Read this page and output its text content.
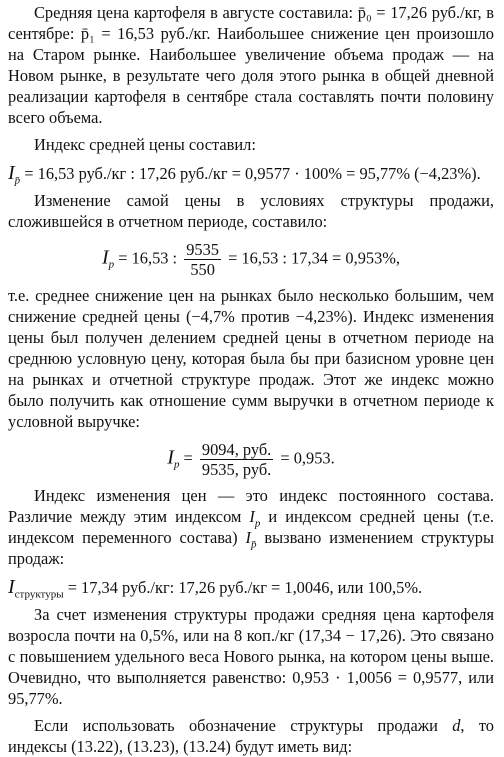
Средняя цена картофеля в августе составила: p̄₀ = 17,26 руб./кг, в сентябре: p̄₁ = 16,53 руб./кг. Наибольшее снижение цен произошло на Старом рынке. Наибольшее увеличение объема продаж — на Новом рынке, в результате чего доля этого рынка в общей дневной реализации картофеля в сентябре стала составлять почти половину всего объема.

Индекс средней цены составил:

$I_{p̄} = 16,53$ руб./кг : 17,26 руб./кг = 0,9577 · 100% = 95,77% (−4,23%).

Изменение самой цены в условиях структуры продажи, сложившейся в отчетном периоде, составило:

$I_p = 16,53$ : $\frac{9535}{550} = 16,53$ : 17,34 = 0,953%,

т.е. среднее снижение цен на рынках было несколько большим, чем снижение средней цены (−4,7% против −4,23%). Индекс изменения цены был получен делением средней цены в отчетном периоде на среднюю условную цену, которая была бы при базисном уровне цен на рынках и отчетной структуре продаж. Этот же индекс можно было получить как отношение сумм выручки в отчетном периоде к условной выручке:

$I_p = \frac{\text{9094, руб.}}{\text{9535, руб.}} = 0,953$.

Индекс изменения цен — это индекс постоянного состава. Различие между этим индексом $I_p$ и индексом средней цены (т.е. индексом переменного состава) $I_{p̄}$ вызвано изменением структуры продаж:

$I_{структуры} = 17,34$ руб./кг: 17,26 руб./кг = 1,0046, или 100,5%.

За счет изменения структуры продажи средняя цена картофеля возросла почти на 0,5%, или на 8 коп./кг (17,34 − 17,26). Это связано с повышением удельного веса Нового рынка, на котором цены выше. Очевидно, что выполняется равенство: 0,953 · 1,0056 = 0,9577, или 95,77%.

Если использовать обозначение структуры продажи d, то индексы (13.22), (13.23), (13.24) будут иметь вид:
